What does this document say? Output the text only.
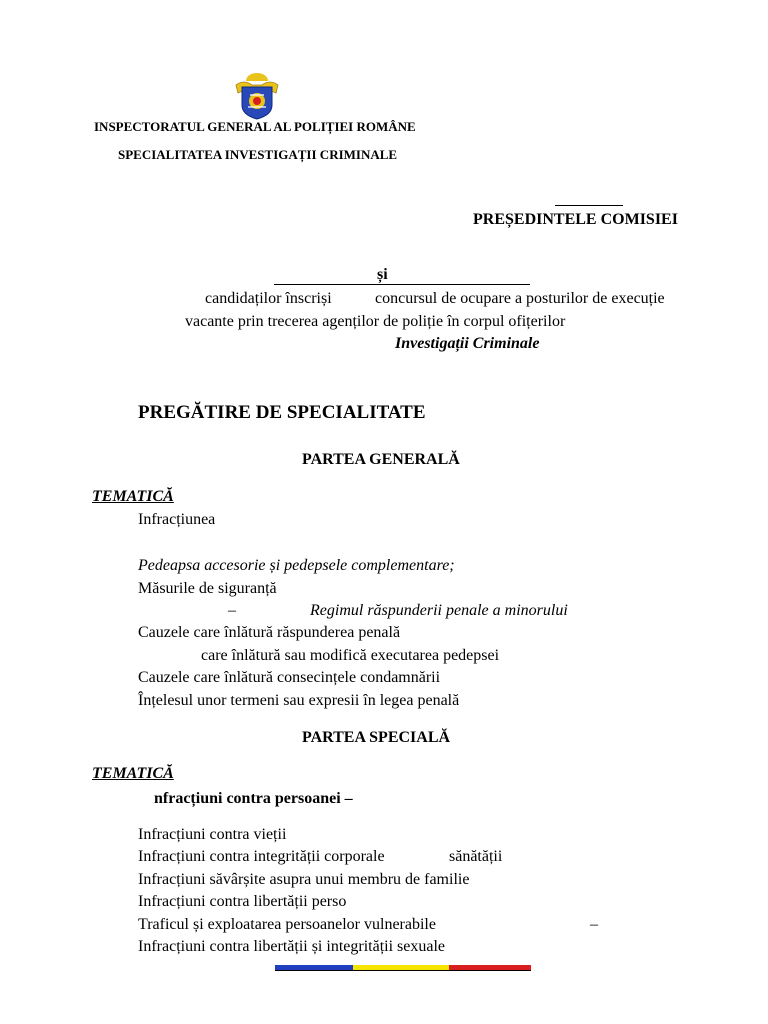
INSPECTORATUL GENERAL AL POLIȚIEI ROMÂNE
SPECIALITATEA INVESTIGAȚII CRIMINALE
PREȘEDINTELE COMISIEI
și
candidaților înscriși	concursul de ocupare a posturilor de execuție
vacante prin trecerea agenților de poliție în corpul ofițerilor
Investigații Criminale
PREGĂTIRE DE SPECIALITATE
PARTEA GENERALĂ
TEMATICĂ
Infracțiunea
Pedeapsa accesorie și pedepsele complementare;
Măsurile de siguranță
–	Regimul răspunderii penale a minorului
Cauzele care înlătură răspunderea penală
care înlătură sau modifică executarea pedepsei
Cauzele care înlătură consecințele condamnării
Înțelesul unor termeni sau expresii în legea penală
PARTEA SPECIALĂ
TEMATICĂ
nfracțiuni contra persoanei –
Infracțiuni contra vieții
Infracțiuni contra integrității corporale	sănătății
Infracțiuni săvârșite asupra unui membru de familie
Infracțiuni contra libertății perso
Traficul și exploatarea persoanelor vulnerabile	–
Infracțiuni contra libertății și integrității sexuale
